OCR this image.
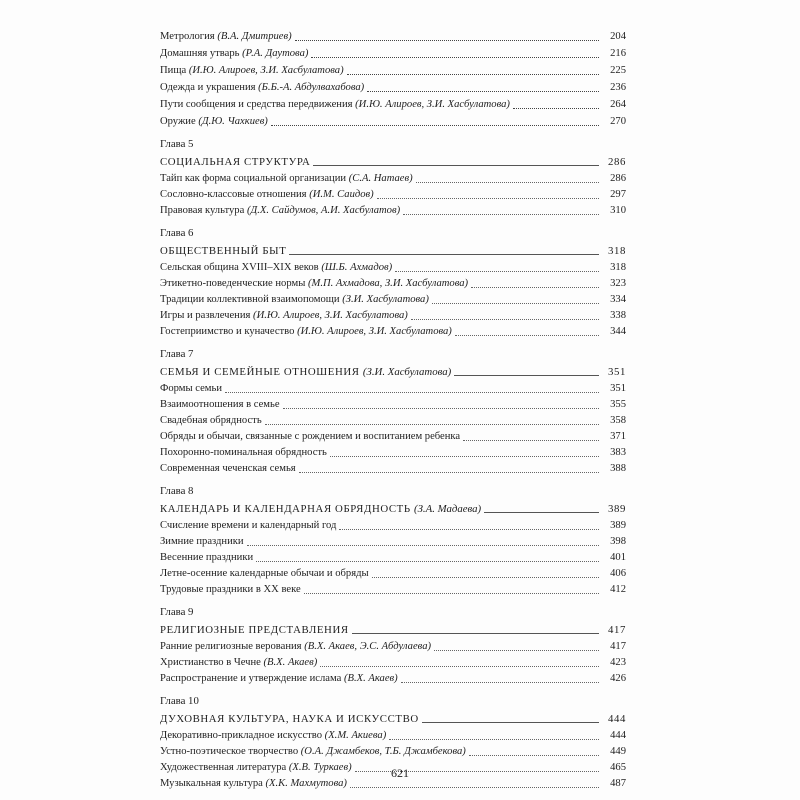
Метрология (В.А. Дмитриев)	204
Домашняя утварь (Р.А. Даутова)	216
Пища (И.Ю. Алироев, З.И. Хасбулатова)	225
Одежда и украшения (Б.Б.-А. Абдулвахабова)	236
Пути сообщения и средства передвижения (И.Ю. Алироев, З.И. Хасбулатова)	264
Оружие (Д.Ю. Чахкиев)	270
Глава 5
СОЦИАЛЬНАЯ СТРУКТУРА	286
Тайп как форма социальной организации (С.А. Натаев)	286
Сословно-классовые отношения (И.М. Саидов)	297
Правовая культура (Д.Х. Сайдумов, А.И. Хасбулатов)	310
Глава 6
ОБЩЕСТВЕННЫЙ БЫТ	318
Сельская община XVIII–XIX веков (Ш.Б. Ахмадов)	318
Этикетно-поведенческие нормы (М.П. Ахмадова, З.И. Хасбулатова)	323
Традиции коллективной взаимопомощи (З.И. Хасбулатова)	334
Игры и развлечения (И.Ю. Алироев, З.И. Хасбулатова)	338
Гостеприимство и куначество (И.Ю. Алироев, З.И. Хасбулатова)	344
Глава 7
СЕМЬЯ И СЕМЕЙНЫЕ ОТНОШЕНИЯ (З.И. Хасбулатова)	351
Формы семьи	351
Взаимоотношения в семье	355
Свадебная обрядность	358
Обряды и обычаи, связанные с рождением и воспитанием ребенка	371
Похоронно-поминальная обрядность	383
Современная чеченская семья	388
Глава 8
КАЛЕНДАРЬ И КАЛЕНДАРНАЯ ОБРЯДНОСТЬ (З.А. Мадаева)	389
Счисление времени и календарный год	389
Зимние праздники	398
Весенние праздники	401
Летне-осенние календарные обычаи и обряды	406
Трудовые праздники в XX веке	412
Глава 9
РЕЛИГИОЗНЫЕ ПРЕДСТАВЛЕНИЯ	417
Ранние религиозные верования (В.Х. Акаев, Э.С. Абдулаева)	417
Христианство в Чечне (В.Х. Акаев)	423
Распространение и утверждение ислама (В.Х. Акаев)	426
Глава 10
ДУХОВНАЯ КУЛЬТУРА, НАУКА И ИСКУССТВО	444
Декоративно-прикладное искусство (Х.М. Акиева)	444
Устно-поэтическое творчество (О.А. Джамбеков, Т.Б. Джамбекова)	449
Художественная литература (Х.В. Туркаев)	465
Музыкальная культура (Х.К. Махмутова)	487
621
